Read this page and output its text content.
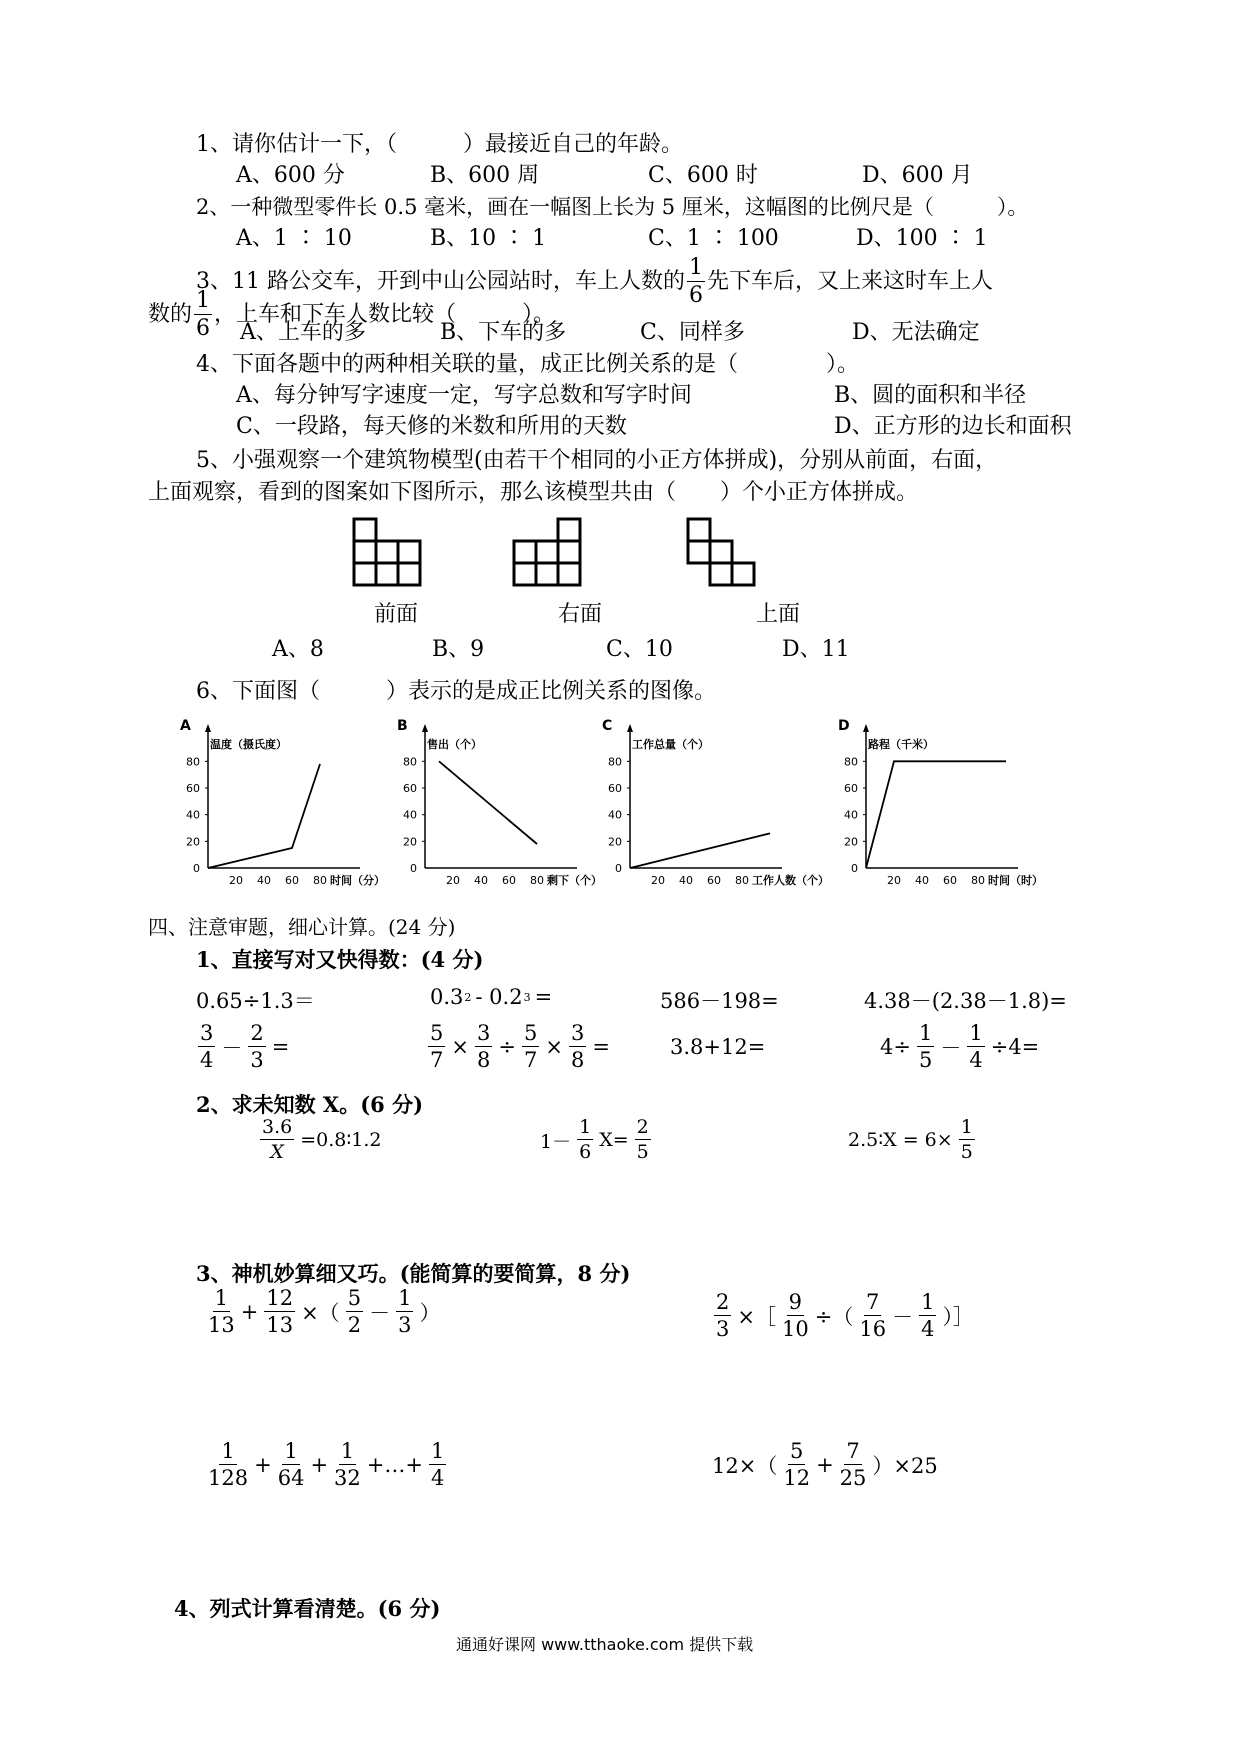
1、请你估计一下，（　　　）最接近自己的年龄。
A、600 分	B、600 周	C、600 时	D、600 月
2、一种微型零件长 0.5 毫米，画在一幅图上长为 5 厘米，这幅图的比例尺是（　　　）。
A、1 ∶ 10	B、10 ∶ 1	C、1 ∶ 100	D、100 ∶ 1
3、11 路公交车，开到中山公园站时，车上人数的 $\frac{1}{6}$ 先下车后，又上来这时车上人
数的 $\frac{1}{6}$ ，上车和下车人数比较（　　　）。
A、上车的多	B、下车的多	C、同样多	D、无法确定
4、下面各题中的两种相关联的量，成正比例关系的是（　　　　）。
A、每分钟写字速度一定，写字总数和写字时间	B、圆的面积和半径
C、一段路，每天修的米数和所用的天数	D、正方形的边长和面积
5、小强观察一个建筑物模型(由若干个相同的小正方体拼成)，分别从前面，右面，
上面观察，看到的图案如下图所示，那么该模型共由（　　）个小正方体拼成。
前面	右面	上面
A、8	B、9	C、10	D、11
6、下面图（　　　）表示的是成正比例关系的图像。
A
温度（摄氏度）
0
20
40
60
80
20 40 60 80 时间（分）
B
售出（个）
0
20
40
60
80
20 40 60 80 剩下（个）
C
工作总量（个）
0
20
40
60
80
20 40 60 80 工作人数（个）
D
路程（千米）
0
20
40
60
80
20 40 60 80 时间（时）
四、注意审题，细心计算。(24 分)
1、直接写对又快得数：(4 分)
0.65÷1.3＝	0.3 2 - 0.2 3 =	586－198=	4.38－(2.38－1.8)=
$\frac{3}{4} - \frac{2}{3}$ =	$\frac{5}{7} \times \frac{3}{8} \div \frac{5}{7} \times \frac{3}{8}$ =	3.8+12=	$4\div \frac{1}{5} - \frac{1}{4} \div 4=$
2、求未知数 X。(6 分)
$\frac{3.6}{X}$ =0.8∶1.2	$1- \frac{1}{6} X= \frac{2}{5}$	2.5∶X = $6\times \frac{1}{5}$
3、神机妙算细又巧。(能简算的要简算，8 分)
$\frac{1}{13} + \frac{12}{13}$ ×（ $\frac{5}{2} - \frac{1}{3}$ ）	$\frac{2}{3}$ ×［ $\frac{9}{10}$ ÷（ $\frac{7}{16} - \frac{1}{4}$ ）］
$\frac{1}{128} + \frac{1}{64} + \frac{1}{32}$ +…+ $\frac{1}{4}$	$12\times( \frac{5}{12} + \frac{7}{25} )\times 25$
4、列式计算看清楚。(6 分)
通通好课网 www.tthaoke.com 提供下载
